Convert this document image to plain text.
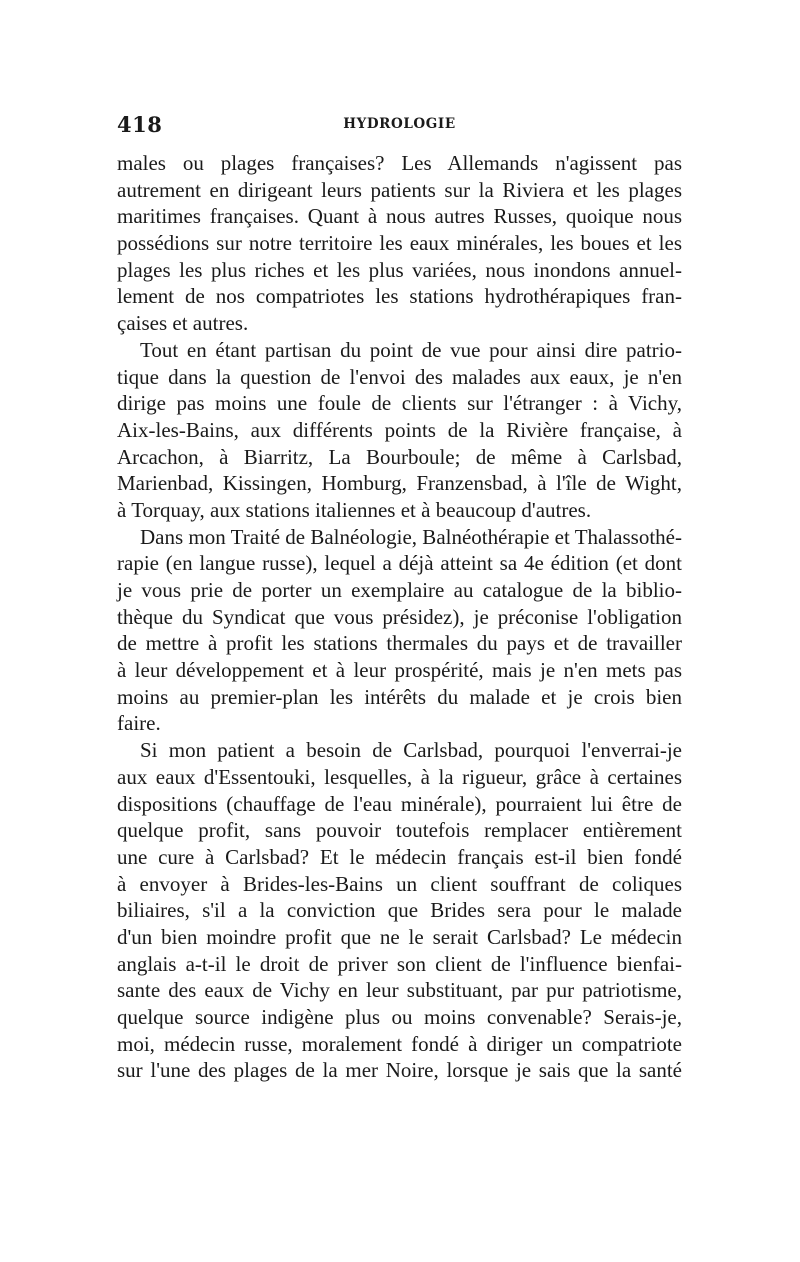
418	HYDROLOGIE
males ou plages françaises? Les Allemands n'agissent pas
autrement en dirigeant leurs patients sur la Riviera et les plages
maritimes françaises. Quant à nous autres Russes, quoique nous
possédions sur notre territoire les eaux minérales, les boues et les
plages les plus riches et les plus variées, nous inondons annuel-
lement de nos compatriotes les stations hydrothérapiques fran-
çaises et autres.
Tout en étant partisan du point de vue pour ainsi dire patrio-
tique dans la question de l'envoi des malades aux eaux, je n'en
dirige pas moins une foule de clients sur l'étranger : à Vichy,
Aix-les-Bains, aux différents points de la Rivière française, à
Arcachon, à Biarritz, La Bourboule; de même à Carlsbad,
Marienbad, Kissingen, Homburg, Franzensbad, à l'île de Wight,
à Torquay, aux stations italiennes et à beaucoup d'autres.
Dans mon Traité de Balnéologie, Balnéothérapie et Thalassothé-
rapie (en langue russe), lequel a déjà atteint sa 4e édition (et dont
je vous prie de porter un exemplaire au catalogue de la biblio-
thèque du Syndicat que vous présidez), je préconise l'obligation
de mettre à profit les stations thermales du pays et de travailler
à leur développement et à leur prospérité, mais je n'en mets pas
moins au premier-plan les intérêts du malade et je crois bien
faire.
Si mon patient a besoin de Carlsbad, pourquoi l'enverrai-je
aux eaux d'Essentouki, lesquelles, à la rigueur, grâce à certaines
dispositions (chauffage de l'eau minérale), pourraient lui être de
quelque profit, sans pouvoir toutefois remplacer entièrement
une cure à Carlsbad? Et le médecin français est-il bien fondé
à envoyer à Brides-les-Bains un client souffrant de coliques
biliaires, s'il a la conviction que Brides sera pour le malade
d'un bien moindre profit que ne le serait Carlsbad? Le médecin
anglais a-t-il le droit de priver son client de l'influence bienfai-
sante des eaux de Vichy en leur substituant, par pur patriotisme,
quelque source indigène plus ou moins convenable? Serais-je,
moi, médecin russe, moralement fondé à diriger un compatriote
sur l'une des plages de la mer Noire, lorsque je sais que la santé
